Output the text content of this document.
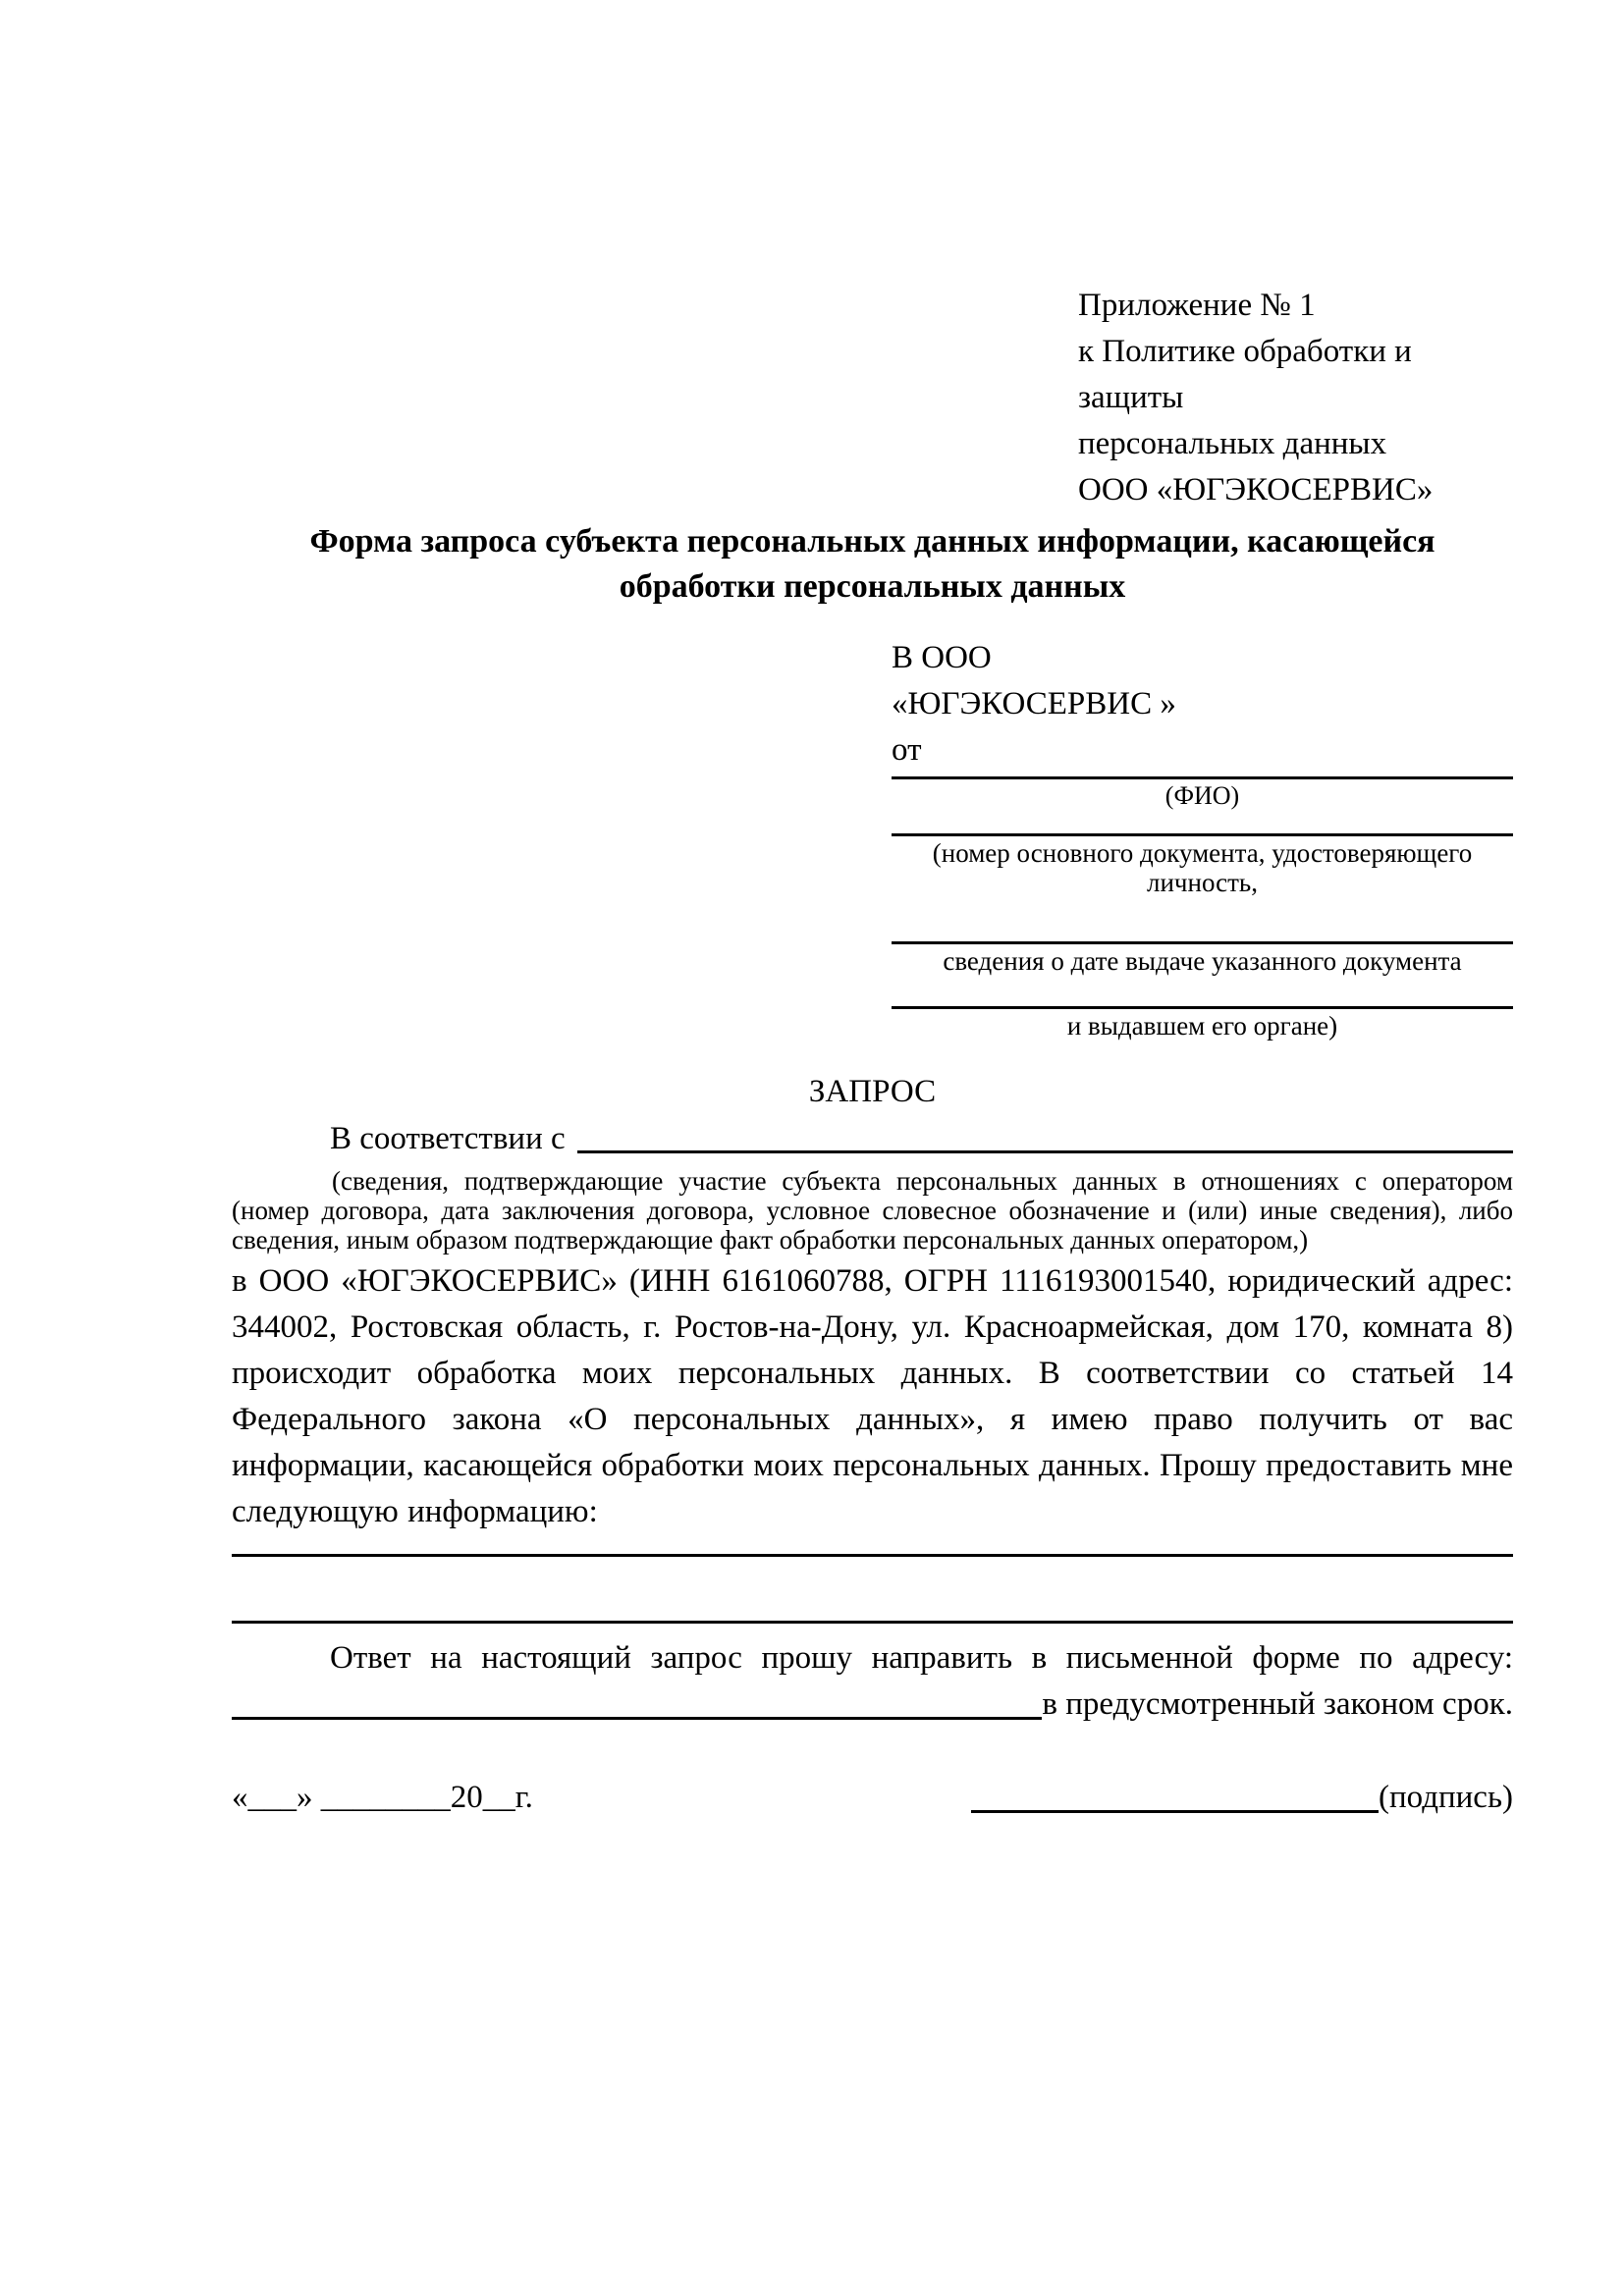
Приложение № 1
к Политике обработки и защиты
персональных данных
ООО «ЮГЭКОСЕРВИС»
Форма запроса субъекта персональных данных информации, касающейся обработки персональных данных
В ООО
«ЮГЭКОСЕРВИС »
от
(ФИО)
(номер основного документа, удостоверяющего личность,
сведения о дате выдаче указанного документа
и выдавшем его органе)
ЗАПРОС
В соответствии с
(сведения, подтверждающие участие субъекта персональных данных в отношениях с оператором (номер договора, дата заключения договора, условное словесное обозначение и (или) иные сведения), либо сведения, иным образом подтверждающие факт обработки персональных данных оператором,)
в ООО «ЮГЭКОСЕРВИС» (ИНН 6161060788, ОГРН 1116193001540, юридический адрес: 344002, Ростовская область, г. Ростов-на-Дону, ул. Красноармейская, дом 170, комната 8) происходит обработка моих персональных данных. В соответствии со статьей 14 Федерального закона «О персональных данных», я имею право получить от вас информации, касающейся обработки моих персональных данных. Прошу предоставить мне следующую информацию:
Ответ на настоящий запрос прошу направить в письменной форме по адресу:
в предусмотренный законом срок.
«___» ________20__г.	(подпись)
